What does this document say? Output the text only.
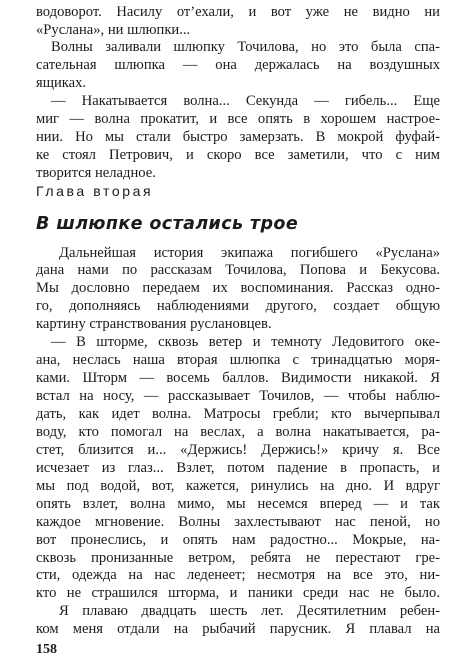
водоворот. Насилу от’ехали, и вот уже не видно ни
«Руслана», ни шлюпки...
Волны заливали шлюпку Точилова, но это была спа-
сательная шлюпка — она держалась на воздушных
ящиках.
— Накатывается волна... Секунда — гибель... Еще
миг — волна прокатит, и все опять в хорошем настрое-
нии. Но мы стали быстро замерзать. В мокрой фуфай-
ке стоял Петрович, и скоро все заметили, что с ним
творится неладное.
Глава вторая
В шлюпке остались трое
Дальнейшая история экипажа погибшего «Руслана»
дана нами по рассказам Точилова, Попова и Бекусова.
Мы дословно передаем их воспоминания. Рассказ одно-
го, дополняясь наблюдениями другого, создает общую
картину странствования руслановцев.
— В шторме, сквозь ветер и темноту Ледовитого оке-
ана, неслась наша вторая шлюпка с тринадцатью моря-
ками. Шторм — восемь баллов. Видимости никакой. Я
встал на носу, — рассказывает Точилов, — чтобы наблю-
дать, как идет волна. Матросы гребли; кто вычерпывал
воду, кто помогал на веслах, а волна накатывается, ра-
стет, близится и... «Держись! Держись!» кричу я. Все
исчезает из глаз... Взлет, потом падение в пропасть, и
мы под водой, вот, кажется, ринулись на дно. И вдруг
опять взлет, волна мимо, мы несемся вперед — и так
каждое мгновение. Волны захлестывают нас пеной, но
вот пронеслись, и опять нам радостно... Мокрые, на-
сквозь пронизанные ветром, ребята не перестают гре-
сти, одежда на нас леденеет; несмотря на все это, ни-
кто не страшился шторма, и паники среди нас не было.
Я плаваю двадцать шесть лет. Десятилетним ребен-
ком меня отдали на рыбачий парусник. Я плавал на
158
